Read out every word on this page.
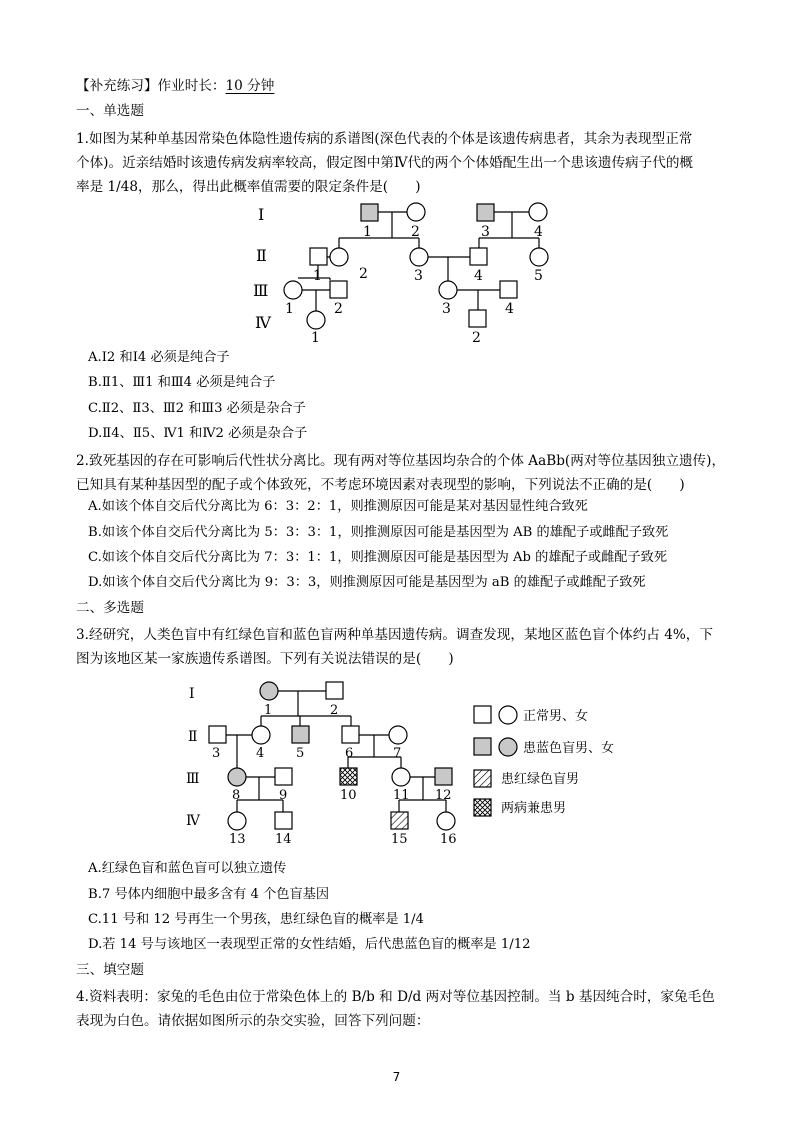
【补充练习】作业时长：10 分钟
一、单选题
1.如图为某种单基因常染色体隐性遗传病的系谱图(深色代表的个体是该遗传病患者，其余为表现型正常
个体)。近亲结婚时该遗传病发病率较高，假定图中第Ⅳ代的两个个体婚配生出一个患该遗传病子代的概
率是 1/48，那么，得出此概率值需要的限定条件是(　　)
Ⅰ
Ⅱ
Ⅲ
Ⅳ
1	2	3	4
1	2	3	4	5
1	2	3	4
1	2
A.Ⅰ2 和Ⅰ4 必须是纯合子
B.Ⅱ1、Ⅲ1 和Ⅲ4 必须是纯合子
C.Ⅱ2、Ⅱ3、Ⅲ2 和Ⅲ3 必须是杂合子
D.Ⅱ4、Ⅱ5、Ⅳ1 和Ⅳ2 必须是杂合子
2.致死基因的存在可影响后代性状分离比。现有两对等位基因均杂合的个体 AaBb(两对等位基因独立遗传)，
已知具有某种基因型的配子或个体致死，不考虑环境因素对表现型的影响，下列说法不正确的是(　　)
A.如该个体自交后代分离比为 6：3：2：1，则推测原因可能是某对基因显性纯合致死
B.如该个体自交后代分离比为 5：3：3：1，则推测原因可能是基因型为 AB 的雄配子或雌配子致死
C.如该个体自交后代分离比为 7：3：1：1，则推测原因可能是基因型为 Ab 的雄配子或雌配子致死
D.如该个体自交后代分离比为 9：3：3，则推测原因可能是基因型为 aB 的雄配子或雌配子致死
二、多选题
3.经研究，人类色盲中有红绿色盲和蓝色盲两种单基因遗传病。调查发现，某地区蓝色盲个体约占 4%，下
图为该地区某一家族遗传系谱图。下列有关说法错误的是(　　)
Ⅰ
Ⅱ
Ⅲ
Ⅳ
1	2
3	4 5	6	7
8	9	10	11 12
13 14	15 16
正常男、女
患蓝色盲男、女
患红绿色盲男
两病兼患男
A.红绿色盲和蓝色盲可以独立遗传
B.7 号体内细胞中最多含有 4 个色盲基因
C.11 号和 12 号再生一个男孩，患红绿色盲的概率是 1/4
D.若 14 号与该地区一表现型正常的女性结婚，后代患蓝色盲的概率是 1/12
三、填空题
4.资料表明：家兔的毛色由位于常染色体上的 B/b 和 D/d 两对等位基因控制。当 b 基因纯合时，家兔毛色
表现为白色。请依据如图所示的杂交实验，回答下列问题：
7
